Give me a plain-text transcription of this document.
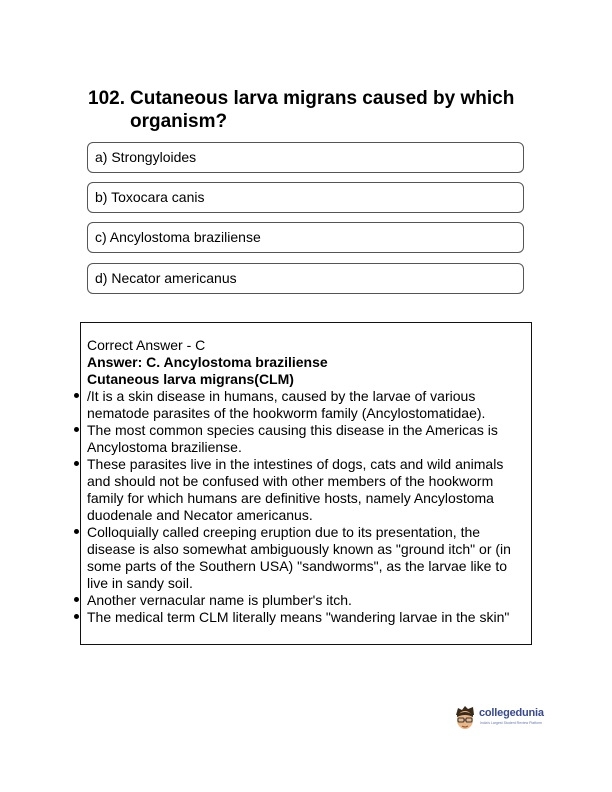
102. Cutaneous larva migrans caused by which organism?
a) Strongyloides
b) Toxocara canis
c) Ancylostoma braziliense
d) Necator americanus
Correct Answer - C
Answer: C. Ancylostoma braziliense
Cutaneous larva migrans(CLM)
/It is a skin disease in humans, caused by the larvae of various nematode parasites of the hookworm family (Ancylostomatidae).
The most common species causing this disease in the Americas is Ancylostoma braziliense.
These parasites live in the intestines of dogs, cats and wild animals and should not be confused with other members of the hookworm family for which humans are definitive hosts, namely Ancylostoma duodenale and Necator americanus.
Colloquially called creeping eruption due to its presentation, the disease is also somewhat ambiguously known as "ground itch" or (in some parts of the Southern USA) "sandworms", as the larvae like to live in sandy soil.
Another vernacular name is plumber's itch.
The medical term CLM literally means "wandering larvae in the skin"
collegedunia
India's Largest Student Review Platform
